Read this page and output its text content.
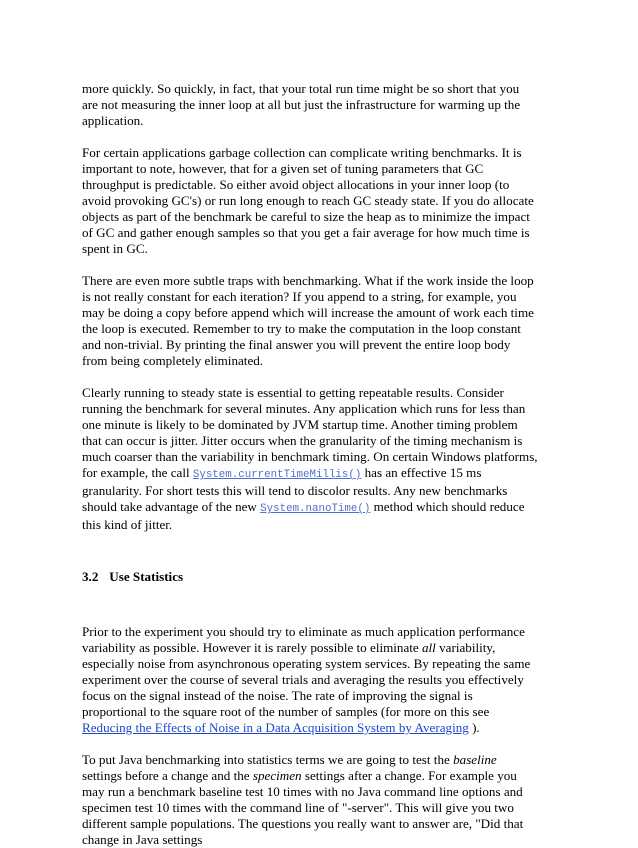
more quickly. So quickly, in fact, that your total run time might be so short that you are not measuring the inner loop at all but just the infrastructure for warming up the application.

For certain applications garbage collection can complicate writing benchmarks. It is important to note, however, that for a given set of tuning parameters that GC throughput is predictable. So either avoid object allocations in your inner loop (to avoid provoking GC's) or run long enough to reach GC steady state. If you do allocate objects as part of the benchmark be careful to size the heap as to minimize the impact of GC and gather enough samples so that you get a fair average for how much time is spent in GC.

There are even more subtle traps with benchmarking. What if the work inside the loop is not really constant for each iteration? If you append to a string, for example, you may be doing a copy before append which will increase the amount of work each time the loop is executed. Remember to try to make the computation in the loop constant and non-trivial. By printing the final answer you will prevent the entire loop body from being completely eliminated.

Clearly running to steady state is essential to getting repeatable results. Consider running the benchmark for several minutes. Any application which runs for less than one minute is likely to be dominated by JVM startup time. Another timing problem that can occur is jitter. Jitter occurs when the granularity of the timing mechanism is much coarser than the variability in benchmark timing. On certain Windows platforms, for example, the call System.currentTimeMillis() has an effective 15 ms granularity. For short tests this will tend to discolor results. Any new benchmarks should take advantage of the new System.nanoTime() method which should reduce this kind of jitter.

3.2 Use Statistics

Prior to the experiment you should try to eliminate as much application performance variability as possible. However it is rarely possible to eliminate all variability, especially noise from asynchronous operating system services. By repeating the same experiment over the course of several trials and averaging the results you effectively focus on the signal instead of the noise. The rate of improving the signal is proportional to the square root of the number of samples (for more on this see Reducing the Effects of Noise in a Data Acquisition System by Averaging ).

To put Java benchmarking into statistics terms we are going to test the baseline settings before a change and the specimen settings after a change. For example you may run a benchmark baseline test 10 times with no Java command line options and specimen test 10 times with the command line of "-server". This will give you two different sample populations. The questions you really want to answer are, "Did that change in Java settings
